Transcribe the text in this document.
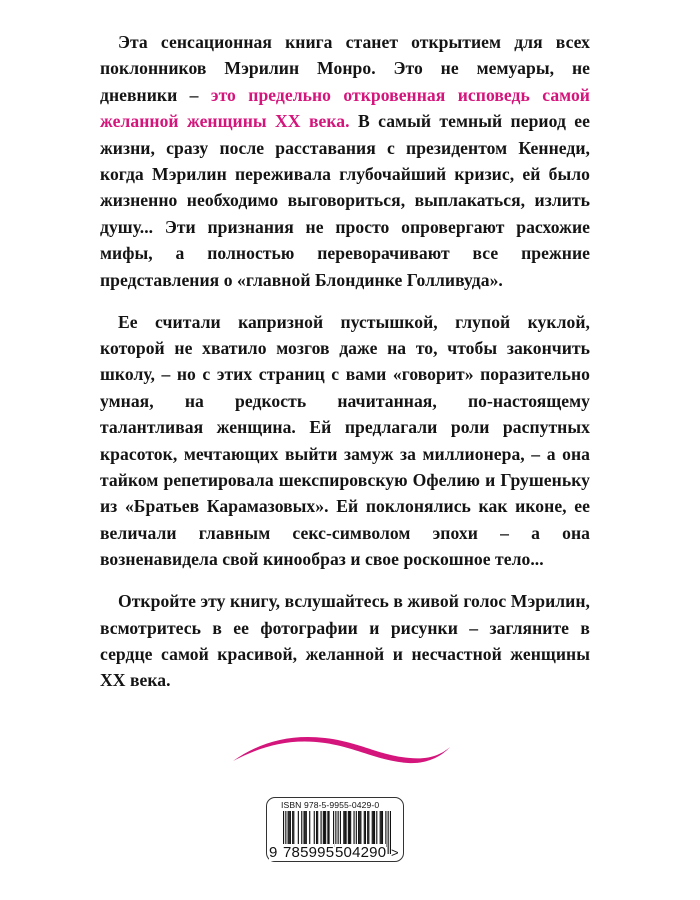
Эта сенсационная книга станет открытием для всех поклонников Мэрилин Монро. Это не мемуары, не дневники – это предельно откровенная исповедь самой желанной женщины XX века. В самый темный период ее жизни, сразу после расставания с президентом Кеннеди, когда Мэрилин переживала глубочайший кризис, ей было жизненно необходимо выговориться, выплакаться, излить душу... Эти признания не просто опровергают расхожие мифы, а полностью переворачивают все прежние представления о «главной Блондинке Голливуда».

Ее считали капризной пустышкой, глупой куклой, которой не хватило мозгов даже на то, чтобы закончить школу, – но с этих страниц с вами «говорит» поразительно умная, на редкость начитанная, по-настоящему талантливая женщина. Ей предлагали роли распутных красоток, мечтающих выйти замуж за миллионера, – а она тайком репетировала шекспировскую Офелию и Грушеньку из «Братьев Карамазовых». Ей поклонялись как иконе, ее величали главным секс-символом эпохи – а она возненавидела свой кинообраз и свое роскошное тело...

Откройте эту книгу, вслушайтесь в живой голос Мэрилин, всмотритесь в ее фотографии и рисунки – загляните в сердце самой красивой, желанной и несчастной женщины XX века.

ISBN 978-5-9955-0429-0
9 785995 504290 >
